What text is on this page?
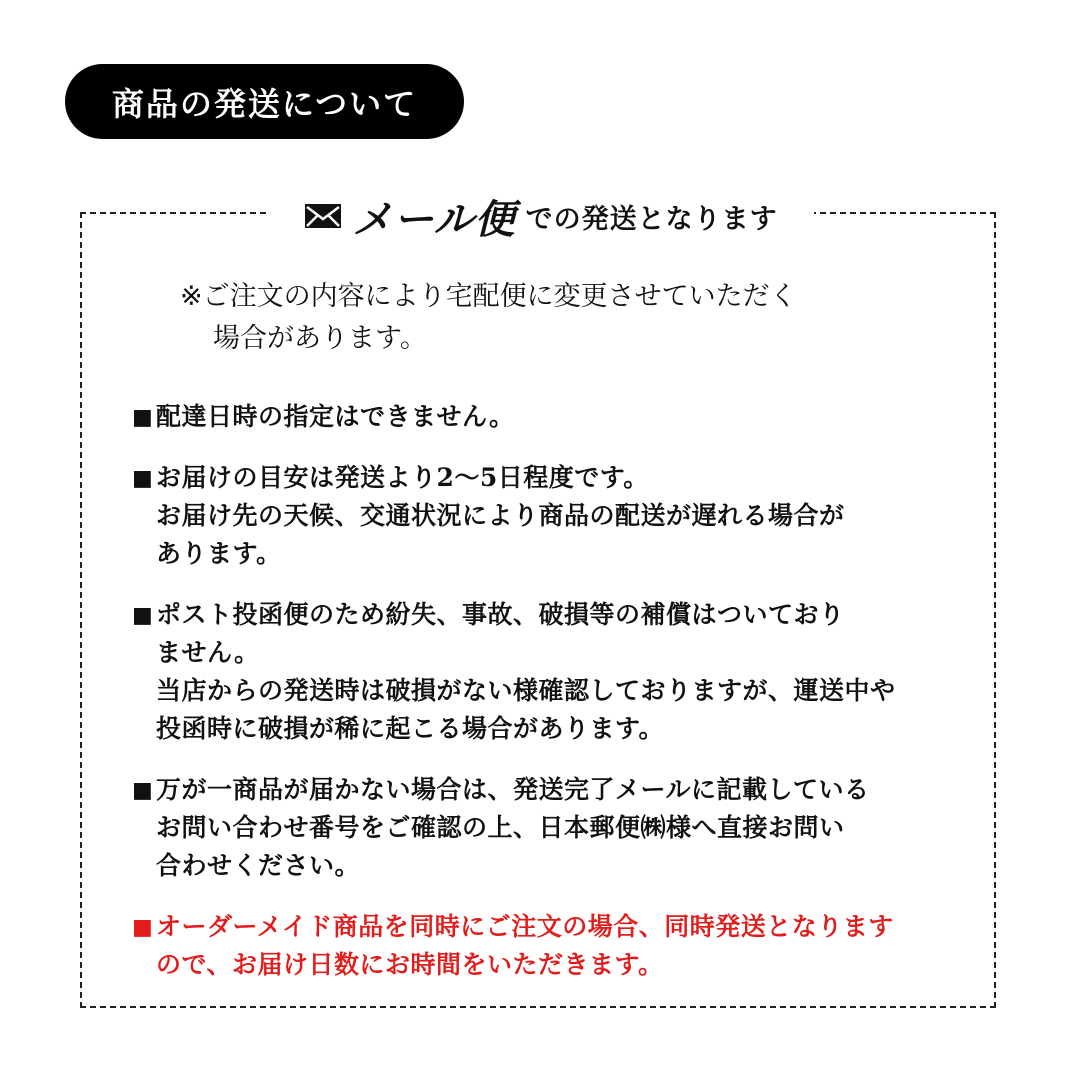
商品の発送について
メール便 での発送となります
※ご注文の内容により宅配便に変更させていただく
場合があります。
■ 配達日時の指定はできません。
■ お届けの目安は発送より2〜5日程度です。
お届け先の天候、交通状況により商品の配送が遅れる場合が
あります。
■ ポスト投函便のため紛失、事故、破損等の補償はついており
ません。
当店からの発送時は破損がない様確認しておりますが、運送中や
投函時に破損が稀に起こる場合があります。
■ 万が一商品が届かない場合は、発送完了メールに記載している
お問い合わせ番号をご確認の上、日本郵便㈱様へ直接お問い
合わせください。
■ オーダーメイド商品を同時にご注文の場合、同時発送となります
ので、お届け日数にお時間をいただきます。
